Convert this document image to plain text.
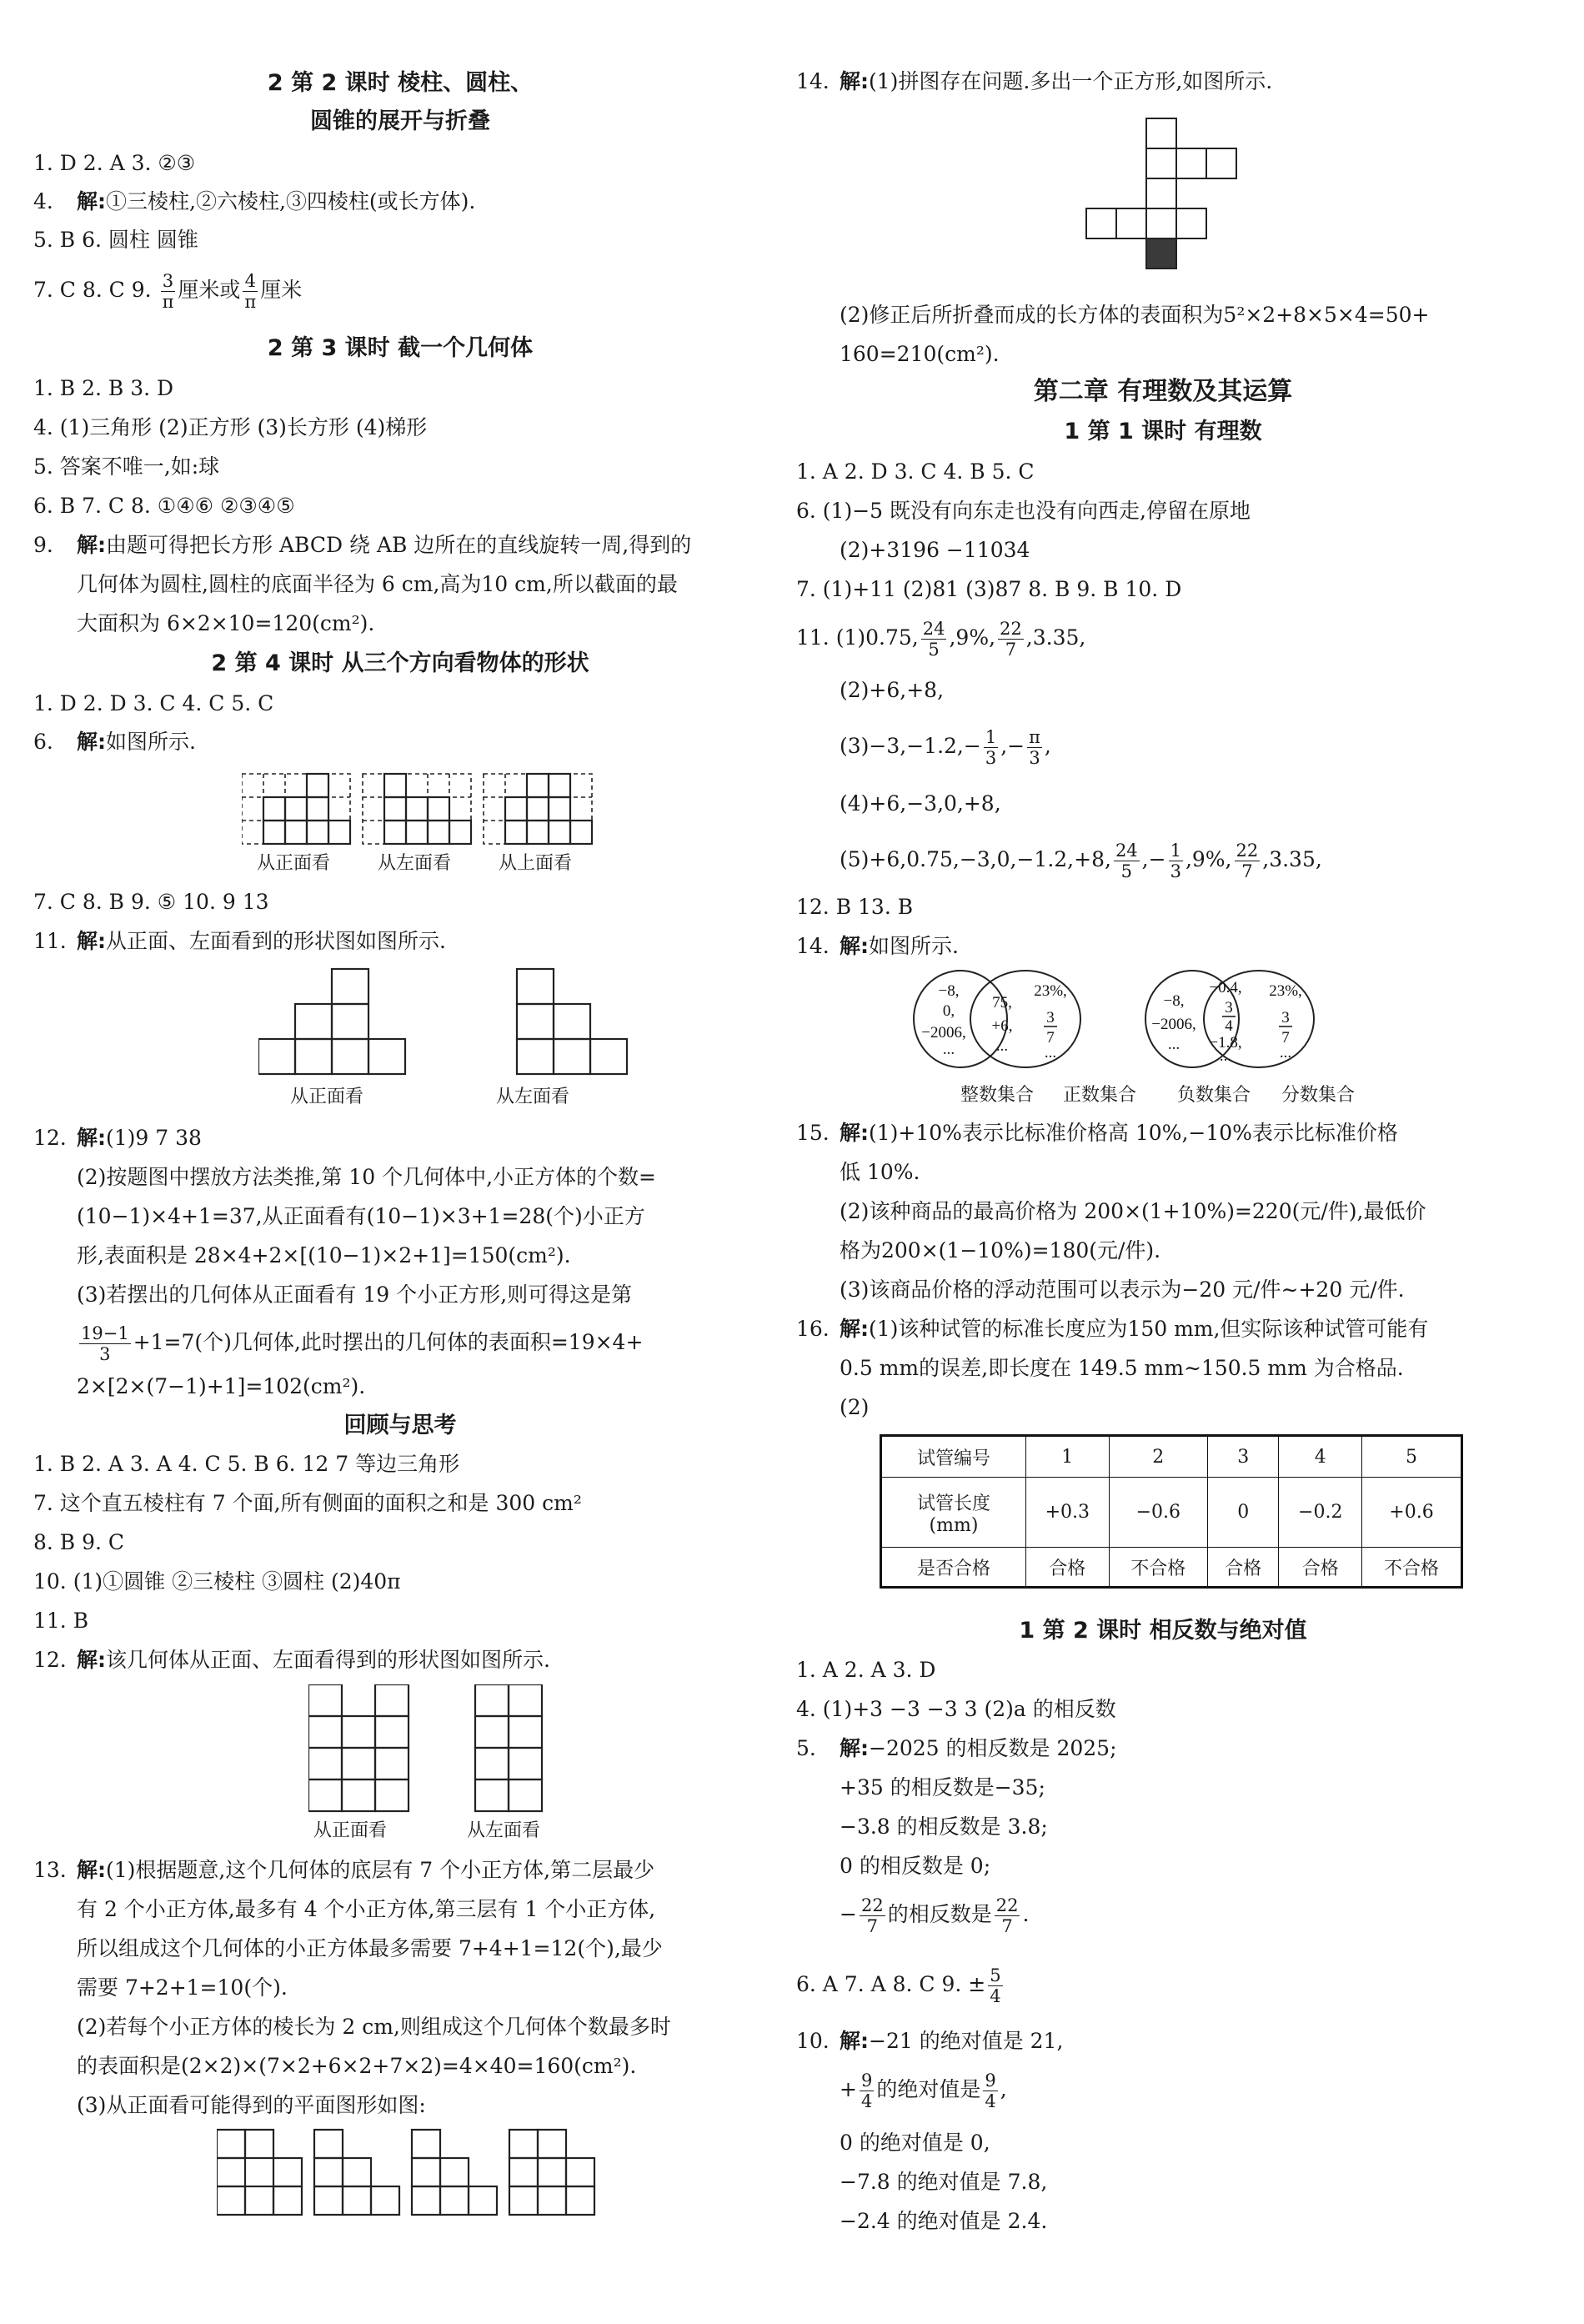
2 第 2 课时 棱柱、圆柱、
圆锥的展开与折叠
1. D 2. A 3. ②③
4. 解:①三棱柱,②六棱柱,③四棱柱(或长方体).
5. B 6. 圆柱 圆锥
7. C 8. C 9. $\frac{3}{\pi}$ 厘米或 $\frac{4}{\pi}$ 厘米
2 第 3 课时 截一个几何体
1. B 2. B 3. D
4. (1)三角形 (2)正方形 (3)长方形 (4)梯形
5. 答案不唯一,如:球
6. B 7. C 8. ①④⑥ ②③④⑤
9. 解:由题可得把长方形 ABCD 绕 AB 边所在的直线旋转一周,得到的
几何体为圆柱,圆柱的底面半径为 6 cm,高为10 cm,所以截面的最
大面积为 6×2×10=120(cm²).
2 第 4 课时 从三个方向看物体的形状
1. D 2. D 3. C 4. C 5. C
6. 解:如图所示.
从正面看	从左面看	从上面看
7. C 8. B 9. ⑤ 10. 9 13
11. 解:从正面、左面看到的形状图如图所示.
从正面看	从左面看
12. 解:(1)9 7 38
(2)按题图中摆放方法类推,第 10 个几何体中,小正方体的个数=
(10−1)×4+1=37,从正面看有(10−1)×3+1=28(个)小正方
形,表面积是 28×4+2×[(10−1)×2+1]=150(cm²).
(3)若摆出的几何体从正面看有 19 个小正方形,则可得这是第
$\frac{19-1}{3} +1=7$(个)几何体,此时摆出的几何体的表面积=19×4+
2×[2×(7−1)+1]=102(cm²).
回顾与思考
1. B 2. A 3. A 4. C 5. B 6. 12 7 等边三角形
7. 这个直五棱柱有 7 个面,所有侧面的面积之和是 300 cm²
8. B 9. C
10. (1)①圆锥 ②三棱柱 ③圆柱 (2)40π
11. B
12. 解:该几何体从正面、左面看得到的形状图如图所示.
从正面看	从左面看
13. 解:(1)根据题意,这个几何体的底层有 7 个小正方体,第二层最少
有 2 个小正方体,最多有 4 个小正方体,第三层有 1 个小正方体,
所以组成这个几何体的小正方体最多需要 7+4+1=12(个),最少
需要 7+2+1=10(个).
(2)若每个小正方体的棱长为 2 cm,则组成这个几何体个数最多时
的表面积是(2×2)×(7×2+6×2+7×2)=4×40=160(cm²).
(3)从正面看可能得到的平面图形如图:
14. 解:(1)拼图存在问题.多出一个正方形,如图所示.
(2)修正后所折叠而成的长方体的表面积为5²×2+8×5×4=50+
160=210(cm²).
第二章 有理数及其运算
1 第 1 课时 有理数
1. A 2. D 3. C 4. B 5. C
6. (1)−5 既没有向东走也没有向西走,停留在原地
(2)+3196 −11034
7. (1)+11 (2)81 (3)87 8. B 9. B 10. D
11. (1)0.75, $\frac{24}{5} ,9\%$, $\frac{22}{7} ,3.35$,
(2)+6,+8,
$(3)-3,-1.2,- \frac{1}{3}$ ,− $\frac{\pi}{3}$ ,
(4)+6,−3,0,+8,
(5)+6,0.75,−3,0,−1.2,+8, $\frac{24}{5}$ ,− $\frac{1}{3} ,9\%$, $\frac{22}{7} ,3.35$,
12. B 13. B
14. 解:如图所示.
−8,
0,
−2006,
...
75,
+6,
...
23%,
3
7
...
−8,
−2006,
...
−0.4,
3
4
−1.8,
...
23%,
3
7
...
整数集合 正数集合 负数集合 分数集合
15. 解:(1)+10%表示比标准价格高 10%,−10%表示比标准价格
低 10%.
(2)该种商品的最高价格为 200×(1+10%)=220(元/件),最低价
格为200×(1−10%)=180(元/件).
(3)该商品价格的浮动范围可以表示为−20 元/件∼+20 元/件.
16. 解:(1)该种试管的标准长度应为150 mm,但实际该种试管可能有
0.5 mm的误差,即长度在 149.5 mm∼150.5 mm 为合格品.
(2)
试管编号	1	2	3	4	5

试管长度
(mm)	+0.3	−0.6	0	−0.2	+0.6
是否合格	合格	不合格	合格	合格	不合格
1 第 2 课时 相反数与绝对值
1. A 2. A 3. D
4. (1)+3 −3 −3 3 (2)a 的相反数
5. 解:−2025 的相反数是 2025;
+35 的相反数是−35;
−3.8 的相反数是 3.8;
0 的相反数是 0;
− $\frac{22}{7}$ 的相反数是 $\frac{22}{7}$ .
6. A 7. A 8. C 9. ± $\frac{5}{4}$
10. 解:−21 的绝对值是 21,
+ $\frac{9}{4}$ 的绝对值是 $\frac{9}{4}$ ,
0 的绝对值是 0,
−7.8 的绝对值是 7.8,
−2.4 的绝对值是 2.4.
